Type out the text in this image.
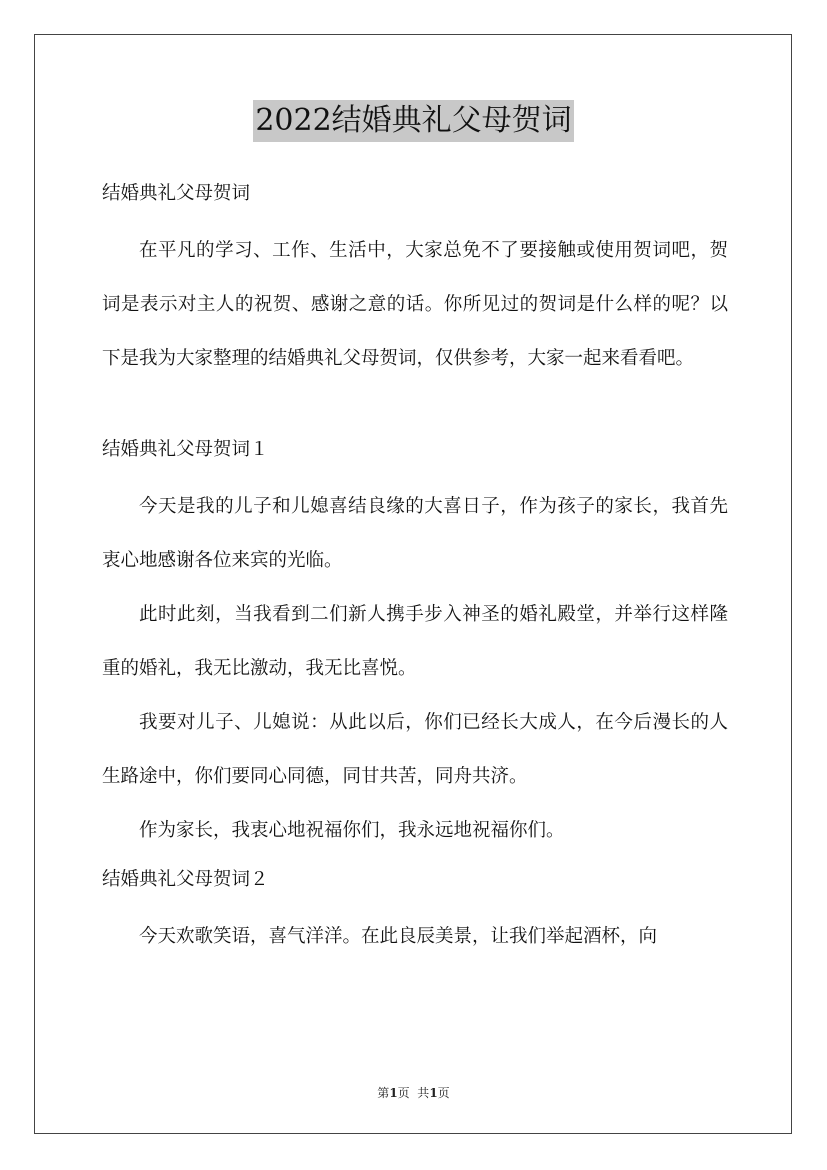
2022结婚典礼父母贺词
结婚典礼父母贺词

在平凡的学习、工作、生活中，大家总免不了要接触或使用贺词吧，贺词是表示对主人的祝贺、感谢之意的话。你所见过的贺词是什么样的呢？以下是我为大家整理的结婚典礼父母贺词，仅供参考，大家一起来看看吧。

结婚典礼父母贺词１

今天是我的儿子和儿媳喜结良缘的大喜日子，作为孩子的家长，我首先衷心地感谢各位来宾的光临。

此时此刻，当我看到二们新人携手步入神圣的婚礼殿堂，并举行这样隆重的婚礼，我无比激动，我无比喜悦。

我要对儿子、儿媳说：从此以后，你们已经长大成人，在今后漫长的人生路途中，你们要同心同德，同甘共苦，同舟共济。

作为家长，我衷心地祝福你们，我永远地祝福你们。

结婚典礼父母贺词２

今天欢歌笑语，喜气洋洋。在此良辰美景，让我们举起酒杯，向

第1页  共1页
